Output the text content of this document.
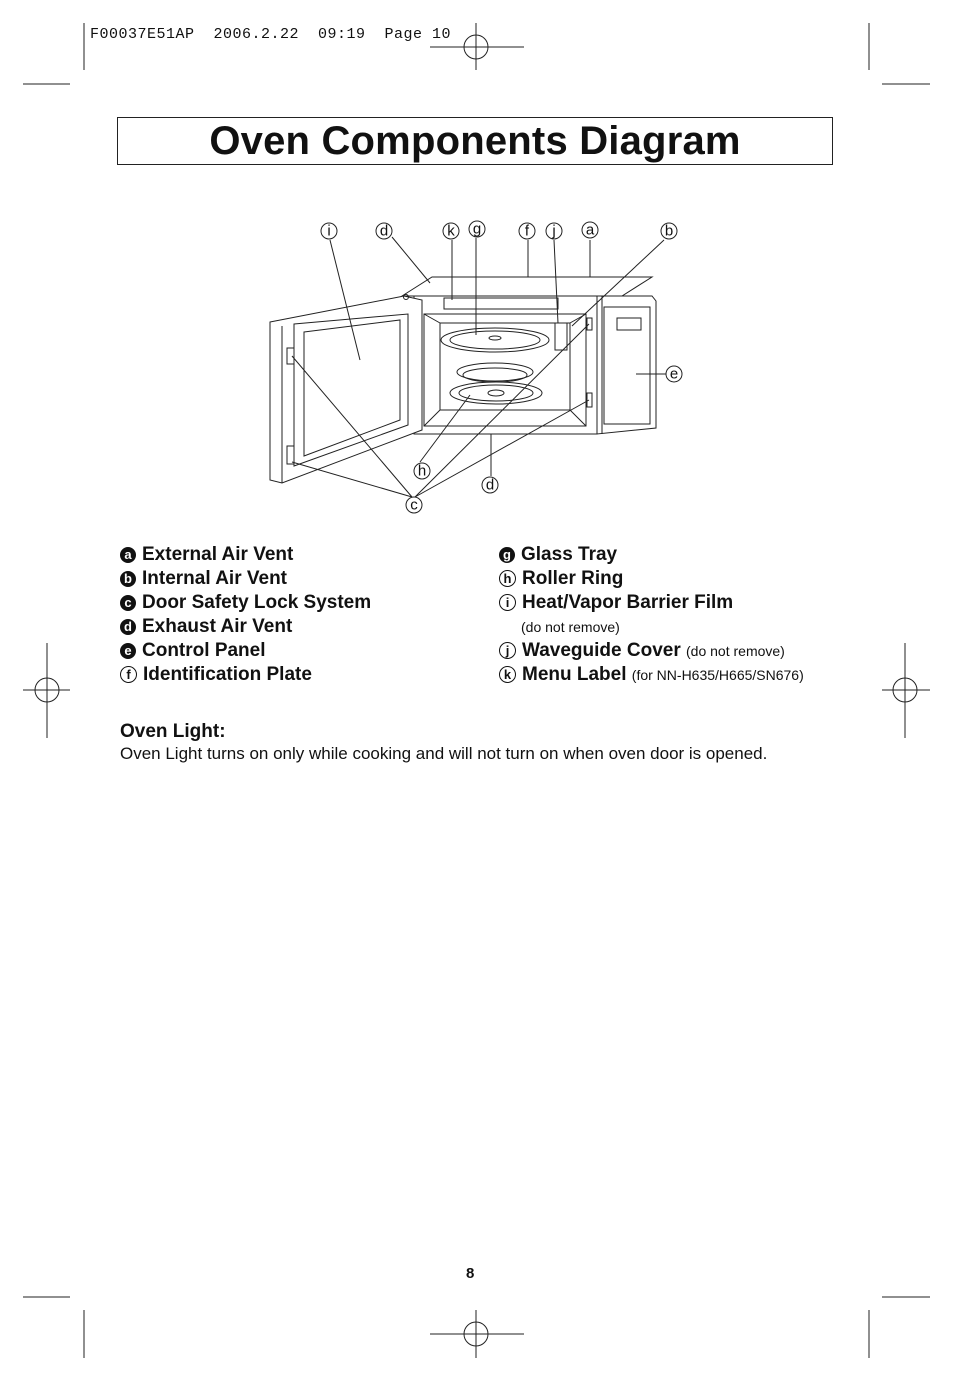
F00037E51AP  2006.2.22  09:19  Page 10
Oven Components Diagram
i	d	k g	f j a	b
e
h
d
c
a External Air Vent
b Internal Air Vent
c Door Safety Lock System
d Exhaust Air Vent
e Control Panel
f Identification Plate
g Glass Tray
h Roller Ring
i Heat/Vapor Barrier Film
(do not remove)
j Waveguide Cover (do not remove)
k Menu Label (for NN-H635/H665/SN676)
Oven Light:
Oven Light turns on only while cooking and will not turn on when oven door is opened.
8
